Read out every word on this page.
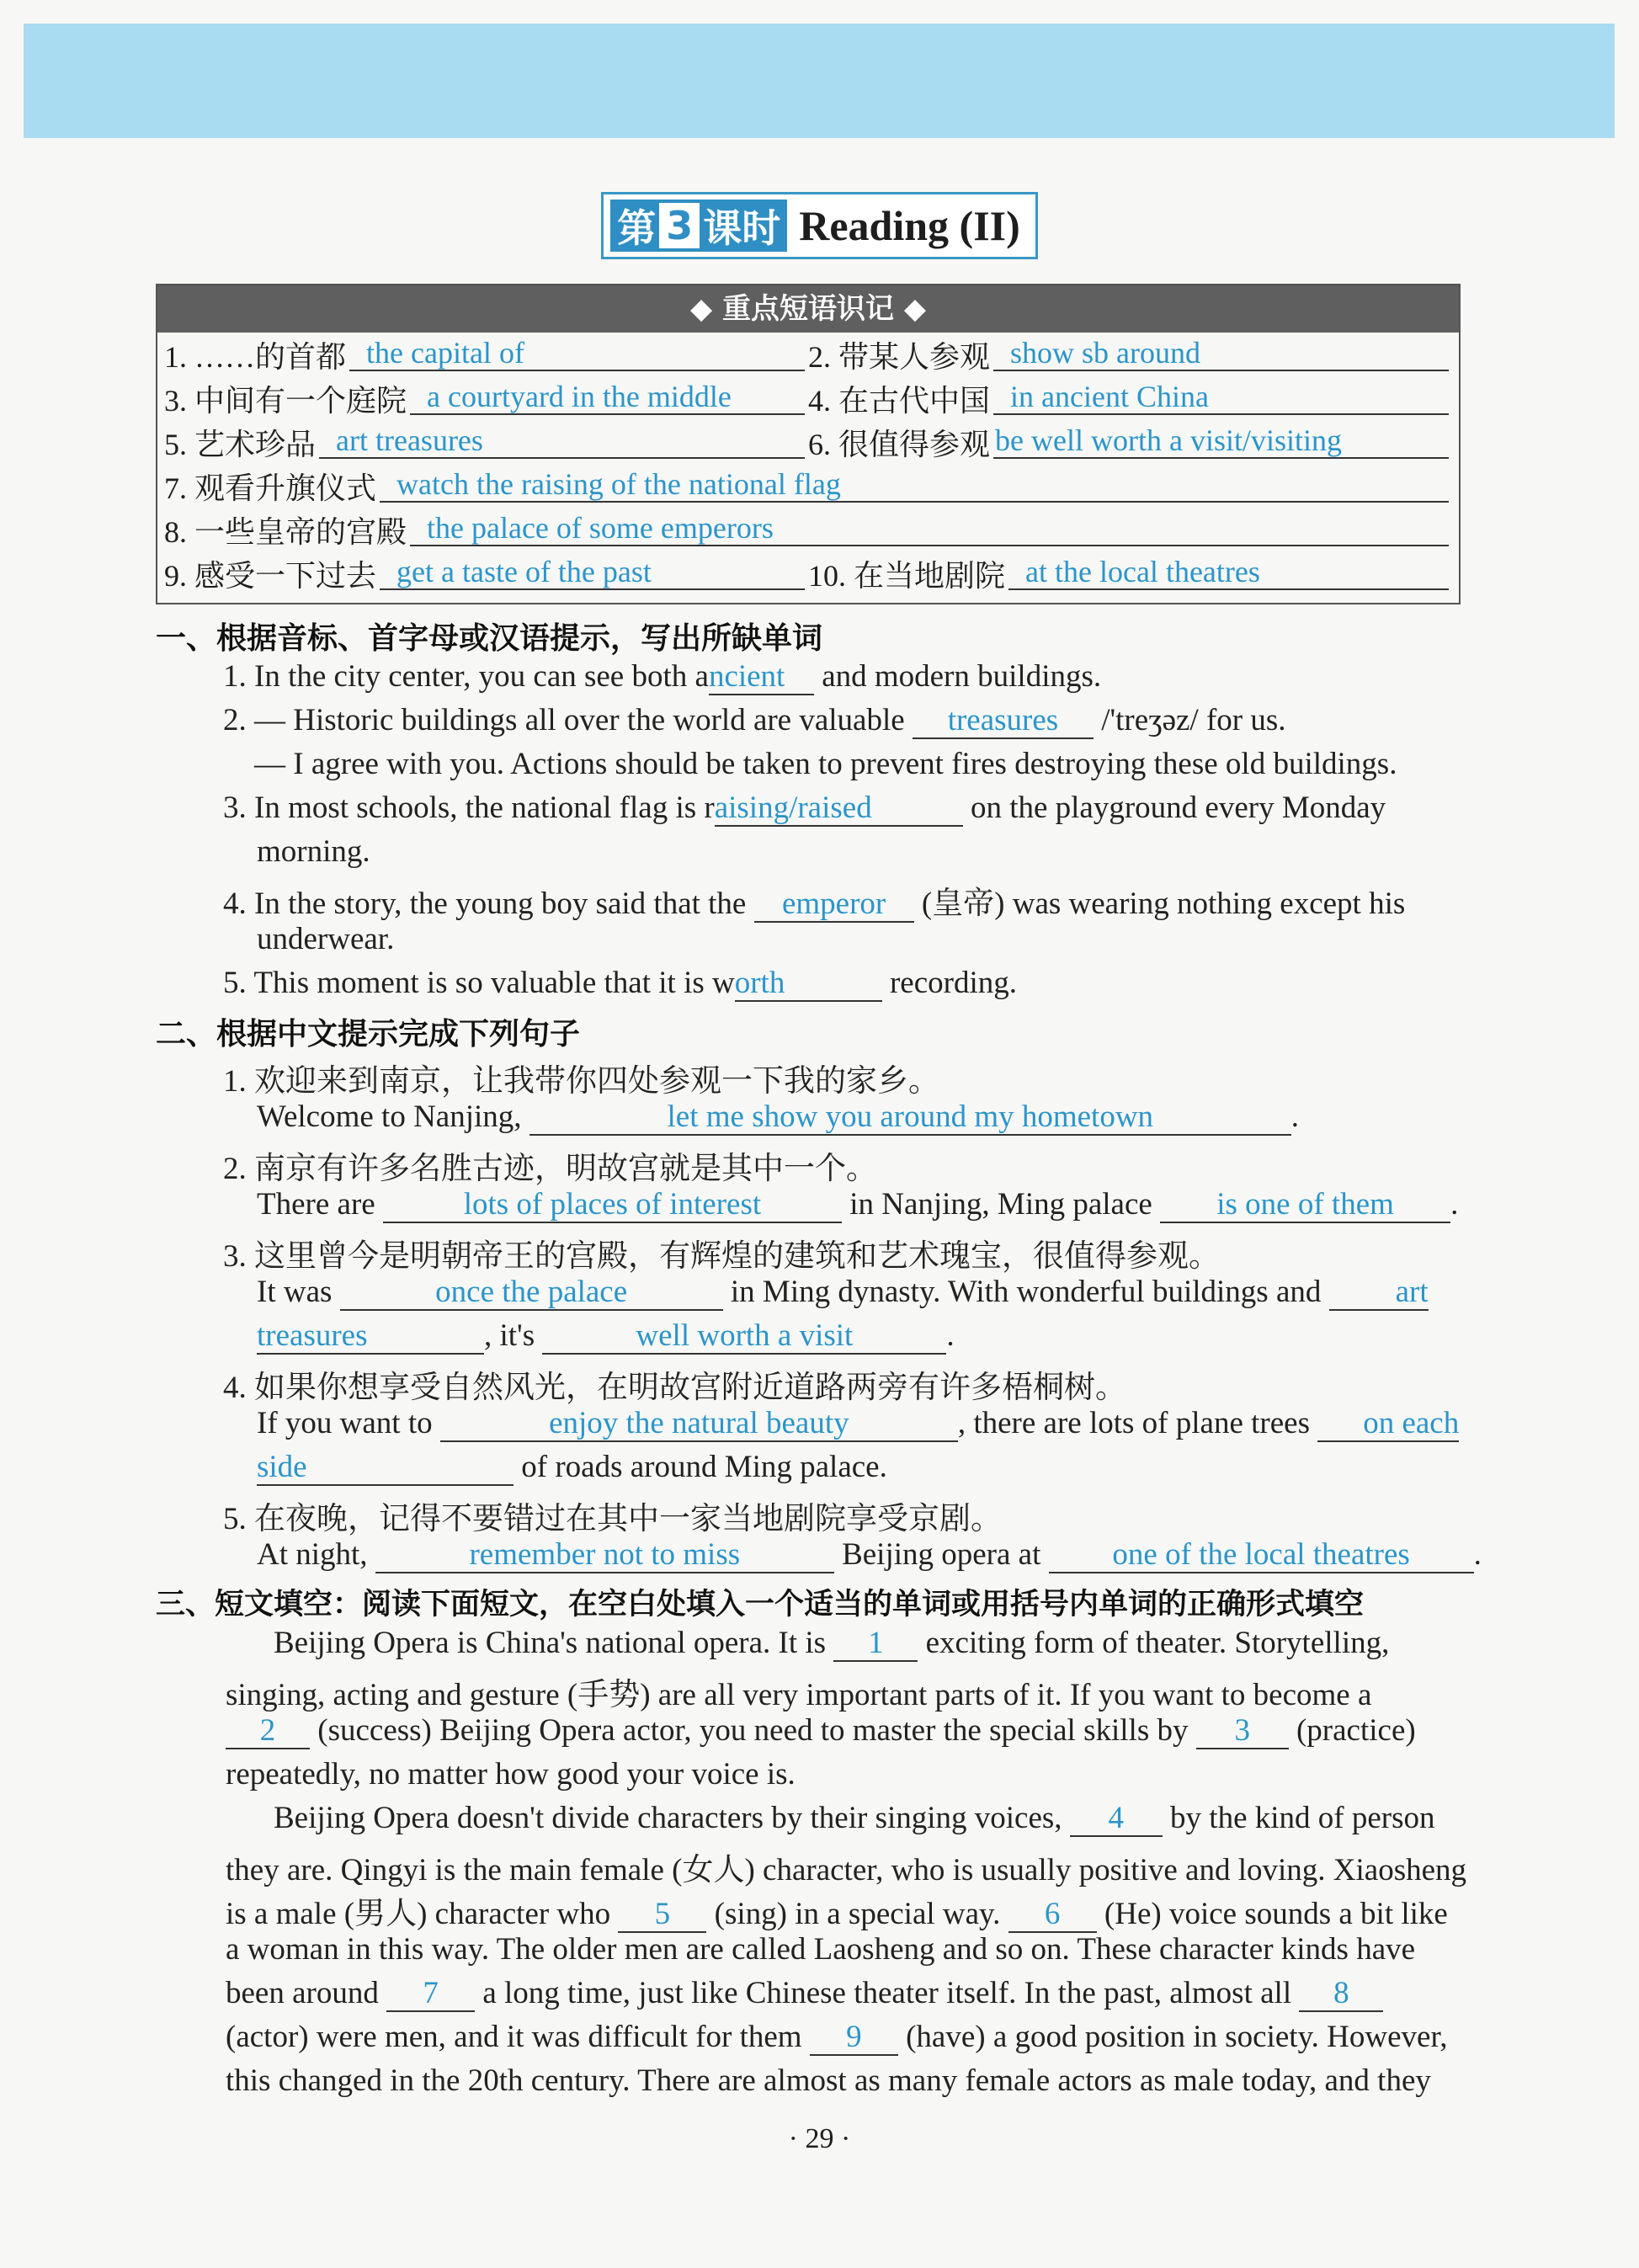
第 3 课时 Reading (II)
◆ 重点短语识记 ◆
1. ……的首都 the capital of	2. 带某人参观 show sb around
3. 中间有一个庭院 a courtyard in the middle	4. 在古代中国 in ancient China
5. 艺术珍品 art treasures	6. 很值得参观 be well worth a visit/visiting
7. 观看升旗仪式 watch the raising of the national flag
8. 一些皇帝的宫殿 the palace of some emperors
9. 感受一下过去 get a taste of the past	10. 在当地剧院 at the local theatres
一、根据音标、首字母或汉语提示，写出所缺单词
1. In the city center, you can see both ancient and modern buildings.
2. — Historic buildings all over the world are valuable treasures /'treʒəz/ for us.
— I agree with you. Actions should be taken to prevent fires destroying these old buildings.
3. In most schools, the national flag is raising/raised	on the playground every Monday
morning.
4. In the story, the young boy said that the emperor (皇帝) was wearing nothing except his
underwear.
5. This moment is so valuable that it is worth	recording.
二、根据中文提示完成下列句子
1. 欢迎来到南京，让我带你四处参观一下我的家乡。
Welcome to Nanjing,	let me show you around my hometown	.
2. 南京有许多名胜古迹，明故宫就是其中一个。
There are	lots of places of interest	in Nanjing, Ming palace is one of them .
3. 这里曾今是明朝帝王的宫殿，有辉煌的建筑和艺术瑰宝，很值得参观。
It was	once the palace	in Ming dynasty. With wonderful buildings and art
treasures	, it's	well worth a visit	.
4. 如果你想享受自然风光，在明故宫附近道路两旁有许多梧桐树。
If you want to	enjoy the natural beauty	, there are lots of plane trees on each
side	of roads around Ming palace.
5. 在夜晚，记得不要错过在其中一家当地剧院享受京剧。
At night,	remember not to miss	Beijing opera at one of the local theatres .
三、短文填空：阅读下面短文，在空白处填入一个适当的单词或用括号内单词的正确形式填空
Beijing Opera is China's national opera. It is 1 exciting form of theater. Storytelling,
singing, acting and gesture (手势) are all very important parts of it. If you want to become a
2 (success) Beijing Opera actor, you need to master the special skills by 3 (practice)
repeatedly, no matter how good your voice is.
Beijing Opera doesn't divide characters by their singing voices, 4 by the kind of person
they are. Qingyi is the main female (女人) character, who is usually positive and loving. Xiaosheng
is a male (男人) character who 5 (sing) in a special way. 6 (He) voice sounds a bit like
a woman in this way. The older men are called Laosheng and so on. These character kinds have
been around 7 a long time, just like Chinese theater itself. In the past, almost all 8
(actor) were men, and it was difficult for them 9 (have) a good position in society. However,
this changed in the 20th century. There are almost as many female actors as male today, and they
· 29 ·
